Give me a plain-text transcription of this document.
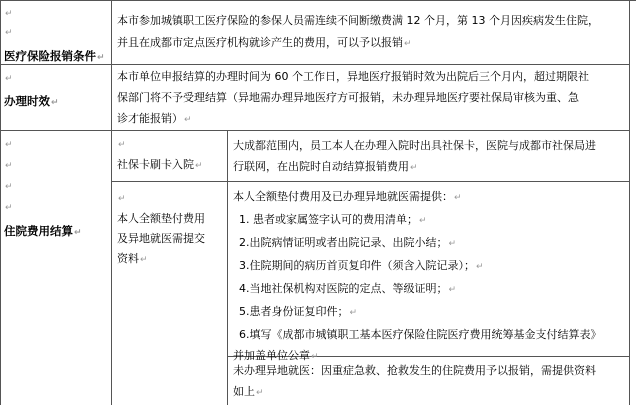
↵
↵
医疗保险报销条件↵
本市参加城镇职工医疗保险的参保人员需连续不间断缴费满 12 个月，第 13 个月因疾病发生住院，
并且在成都市定点医疗机构就诊产生的费用，可以予以报销↵
↵
办理时效↵
本市单位申报结算的办理时间为 60 个工作日，异地医疗报销时效为出院后三个月内，超过期限社
保部门将不予受理结算（异地需办理异地医疗方可报销，未办理异地医疗要社保局审核为重、急
诊才能报销）↵
↵
↵
↵
↵
住院费用结算↵
↵
社保卡刷卡入院↵
大成都范围内，员工本人在办理入院时出具社保卡，医院与成都市社保局进
行联网，在出院时自动结算报销费用↵
↵
本人全额垫付费用
及异地就医需提交
资料↵
本人全额垫付费用及已办理异地就医需提供：↵
1. 患者或家属签字认可的费用清单；↵
2.出院病情证明或者出院记录、出院小结；↵
3.住院期间的病历首页复印件（须含入院记录）；↵
4.当地社保机构对医院的定点、等级证明；↵
5.患者身份证复印件；↵
6.填写《成都市城镇职工基本医疗保险住院医疗费用统筹基金支付结算表》
并加盖单位公章↵
未办理异地就医：因重症急救、抢救发生的住院费用予以报销，需提供资料
如上↵
